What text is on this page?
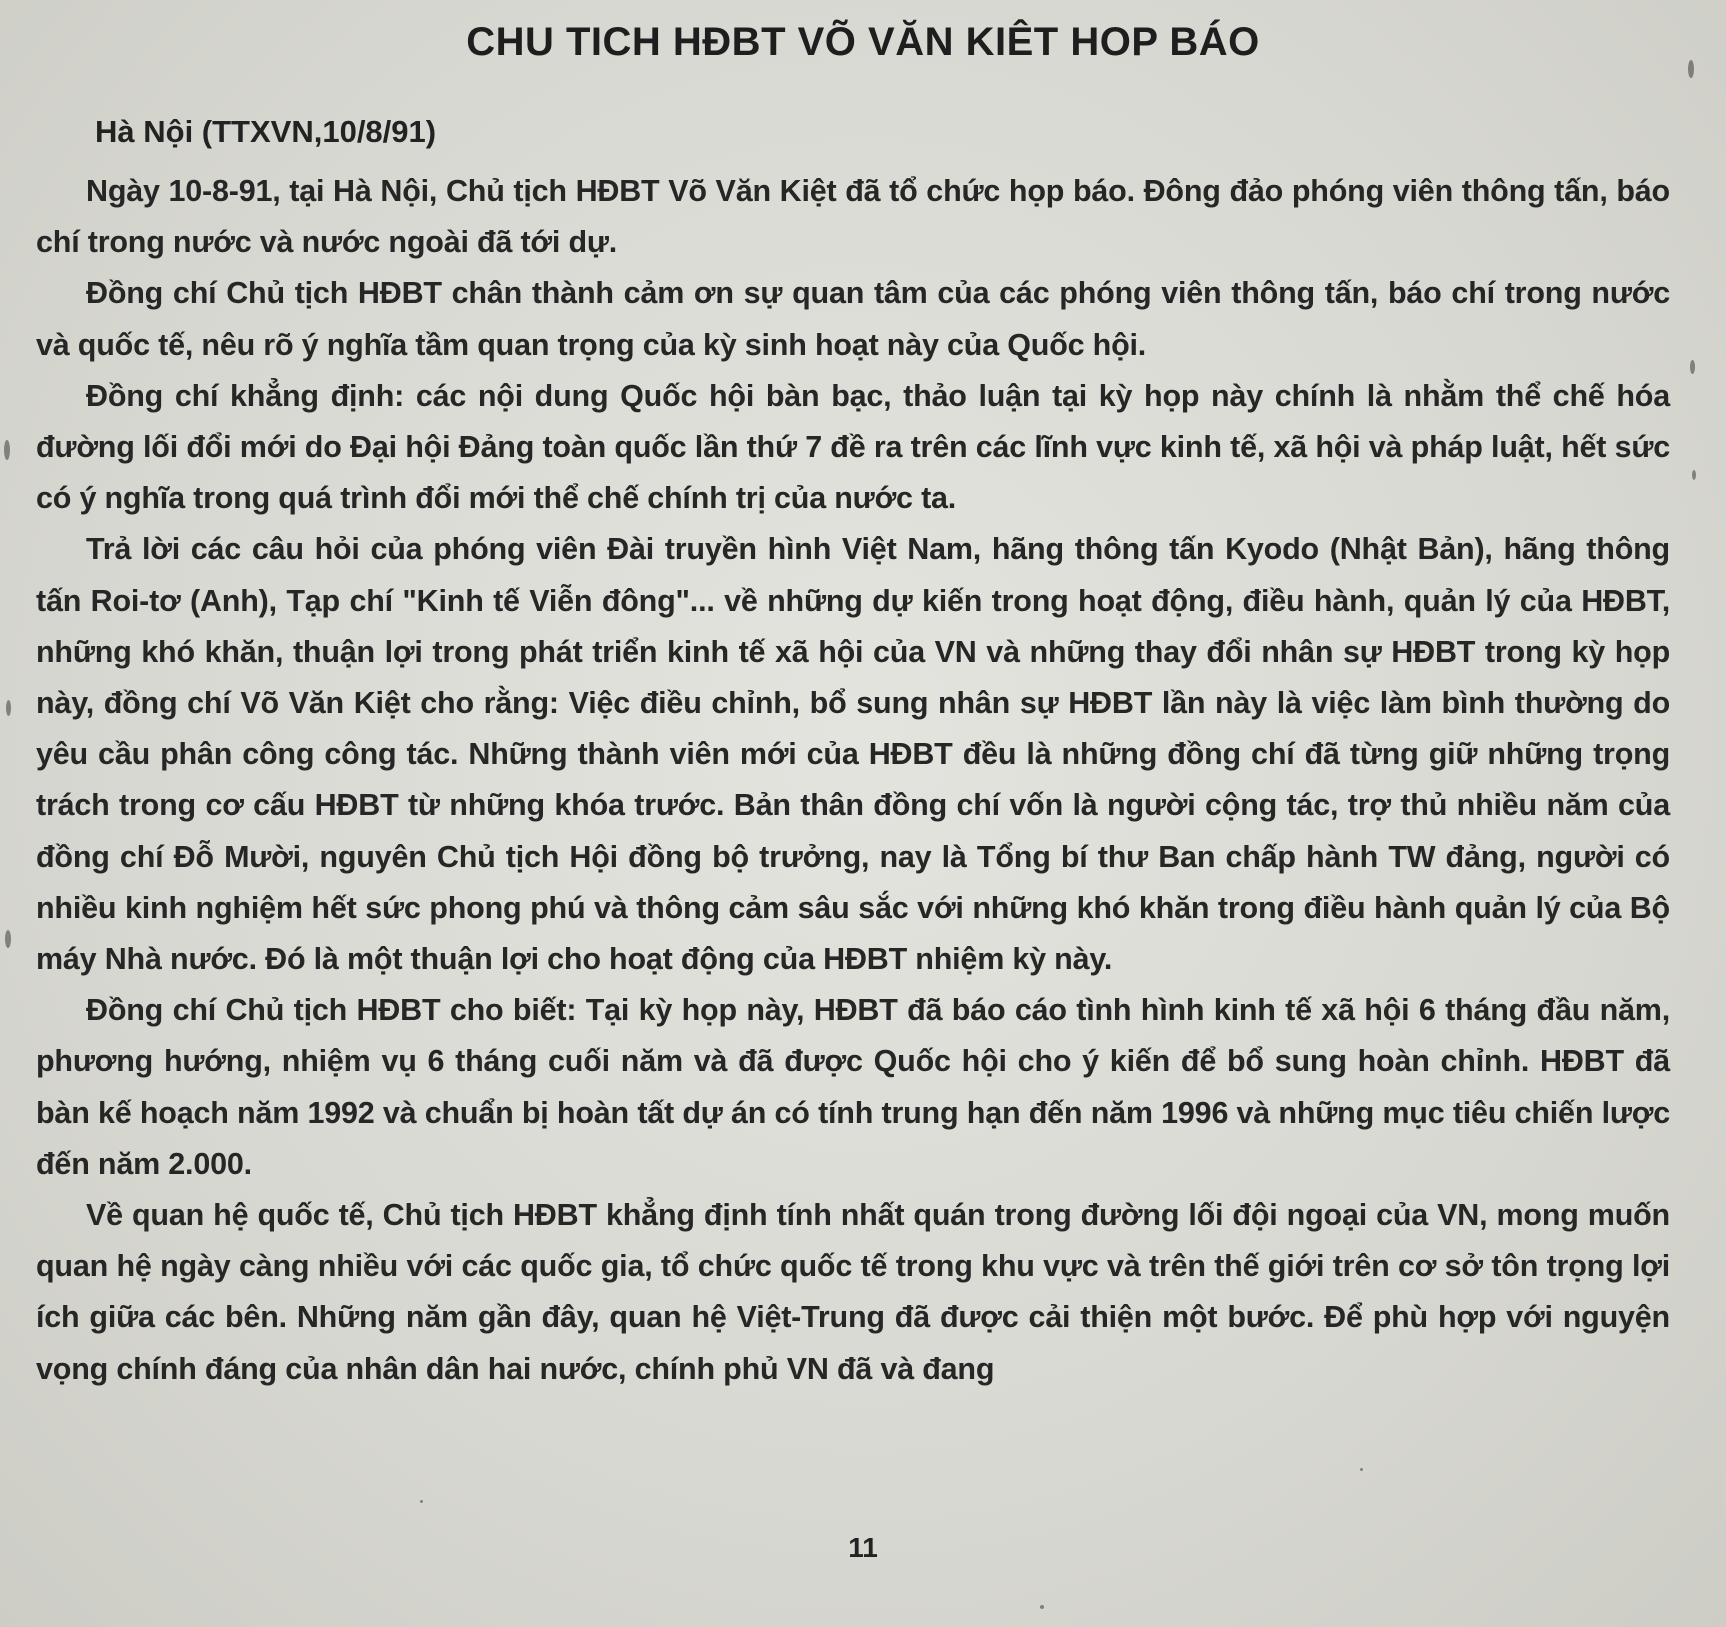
CHU TICH HĐBT VÕ VĂN KIÊT HOP BÁO
Hà Nội (TTXVN,10/8/91)

Ngày 10-8-91, tại Hà Nội, Chủ tịch HĐBT Võ Văn Kiệt đã tổ chức họp báo. Đông đảo phóng viên thông tấn, báo chí trong nước và nước ngoài đã tới dự.

Đồng chí Chủ tịch HĐBT chân thành cảm ơn sự quan tâm của các phóng viên thông tấn, báo chí trong nước và quốc tế, nêu rõ ý nghĩa tầm quan trọng của kỳ sinh hoạt này của Quốc hội.

Đồng chí khẳng định: các nội dung Quốc hội bàn bạc, thảo luận tại kỳ họp này chính là nhằm thể chế hóa đường lối đổi mới do Đại hội Đảng toàn quốc lần thứ 7 đề ra trên các lĩnh vực kinh tế, xã hội và pháp luật, hết sức có ý nghĩa trong quá trình đổi mới thể chế chính trị của nước ta.

Trả lời các câu hỏi của phóng viên Đài truyền hình Việt Nam, hãng thông tấn Kyodo (Nhật Bản), hãng thông tấn Roi-tơ (Anh), Tạp chí "Kinh tế Viễn đông"... về những dự kiến trong hoạt động, điều hành, quản lý của HĐBT, những khó khăn, thuận lợi trong phát triển kinh tế xã hội của VN và những thay đổi nhân sự HĐBT trong kỳ họp này, đồng chí Võ Văn Kiệt cho rằng: Việc điều chỉnh, bổ sung nhân sự HĐBT lần này là việc làm bình thường do yêu cầu phân công công tác. Những thành viên mới của HĐBT đều là những đồng chí đã từng giữ những trọng trách trong cơ cấu HĐBT từ những khóa trước. Bản thân đồng chí vốn là người cộng tác, trợ thủ nhiều năm của đồng chí Đỗ Mười, nguyên Chủ tịch Hội đồng bộ trưởng, nay là Tổng bí thư Ban chấp hành TW đảng, người có nhiều kinh nghiệm hết sức phong phú và thông cảm sâu sắc với những khó khăn trong điều hành quản lý của Bộ máy Nhà nước. Đó là một thuận lợi cho hoạt động của HĐBT nhiệm kỳ này.

Đồng chí Chủ tịch HĐBT cho biết: Tại kỳ họp này, HĐBT đã báo cáo tình hình kinh tế xã hội 6 tháng đầu năm, phương hướng, nhiệm vụ 6 tháng cuối năm và đã được Quốc hội cho ý kiến để bổ sung hoàn chỉnh. HĐBT đã bàn kế hoạch năm 1992 và chuẩn bị hoàn tất dự án có tính trung hạn đến năm 1996 và những mục tiêu chiến lược đến năm 2.000.

Về quan hệ quốc tế, Chủ tịch HĐBT khẳng định tính nhất quán trong đường lối đội ngoại của VN, mong muốn quan hệ ngày càng nhiều với các quốc gia, tổ chức quốc tế trong khu vực và trên thế giới trên cơ sở tôn trọng lợi ích giữa các bên. Những năm gần đây, quan hệ Việt-Trung đã được cải thiện một bước. Để phù hợp với nguyện vọng chính đáng của nhân dân hai nước, chính phủ VN đã và đang

11
